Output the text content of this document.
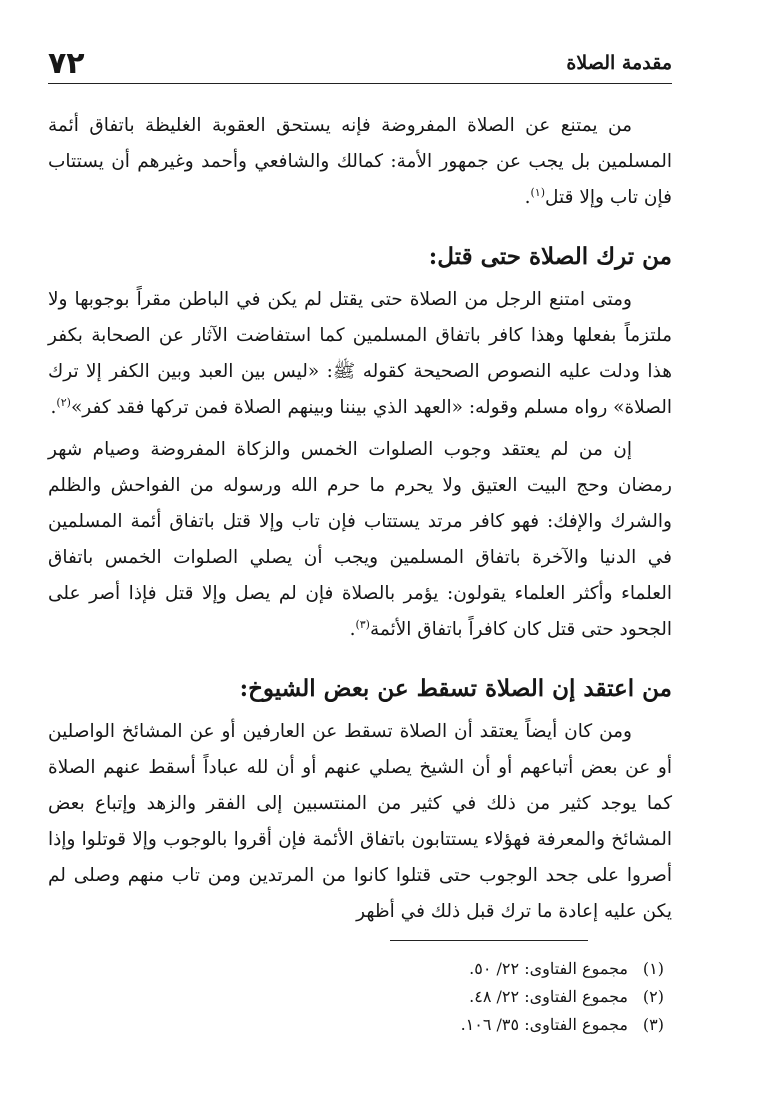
مقدمة الصلاة
٧٢

من يمتنع عن الصلاة المفروضة فإنه يستحق العقوبة الغليظة باتفاق أئمة المسلمين بل يجب عن جمهور الأمة: كمالك والشافعي وأحمد وغيرهم أن يستتاب فإن تاب وإلا قتل$^{(١)}$.

من ترك الصلاة حتى قتل:

ومتى امتنع الرجل من الصلاة حتى يقتل لم يكن في الباطن مقراً بوجوبها ولا ملتزماً بفعلها وهذا كافر باتفاق المسلمين كما استفاضت الآثار عن الصحابة بكفر هذا ودلت عليه النصوص الصحيحة كقوله ﷺ: «ليس بين العبد وبين الكفر إلا ترك الصلاة» رواه مسلم وقوله: «العهد الذي بيننا وبينهم الصلاة فمن تركها فقد كفر»$^{(٢)}$.

إن من لم يعتقد وجوب الصلوات الخمس والزكاة المفروضة وصيام شهر رمضان وحج البيت العتيق ولا يحرم ما حرم الله ورسوله من الفواحش والظلم والشرك والإفك: فهو كافر مرتد يستتاب فإن تاب وإلا قتل باتفاق أئمة المسلمين في الدنيا والآخرة باتفاق المسلمين ويجب أن يصلي الصلوات الخمس باتفاق العلماء وأكثر العلماء يقولون: يؤمر بالصلاة فإن لم يصل وإلا قتل فإذا أصر على الجحود حتى قتل كان كافراً باتفاق الأئمة$^{(٣)}$.

من اعتقد إن الصلاة تسقط عن بعض الشيوخ:

ومن كان أيضاً يعتقد أن الصلاة تسقط عن العارفين أو عن المشائخ الواصلين أو عن بعض أتباعهم أو أن الشيخ يصلي عنهم أو أن لله عباداً أسقط عنهم الصلاة كما يوجد كثير من ذلك في كثير من المنتسبين إلى الفقر والزهد وإتباع بعض المشائخ والمعرفة فهؤلاء يستتابون باتفاق الأئمة فإن أقروا بالوجوب وإلا قوتلوا وإذا أصروا على جحد الوجوب حتى قتلوا كانوا من المرتدين ومن تاب منهم وصلى لم يكن عليه إعادة ما ترك قبل ذلك في أظهر

(١)مجموع الفتاوى: ٢٢/ ٥٠.
(٢)مجموع الفتاوى: ٢٢/ ٤٨.
(٣)مجموع الفتاوى: ٣٥/ ١٠٦.
